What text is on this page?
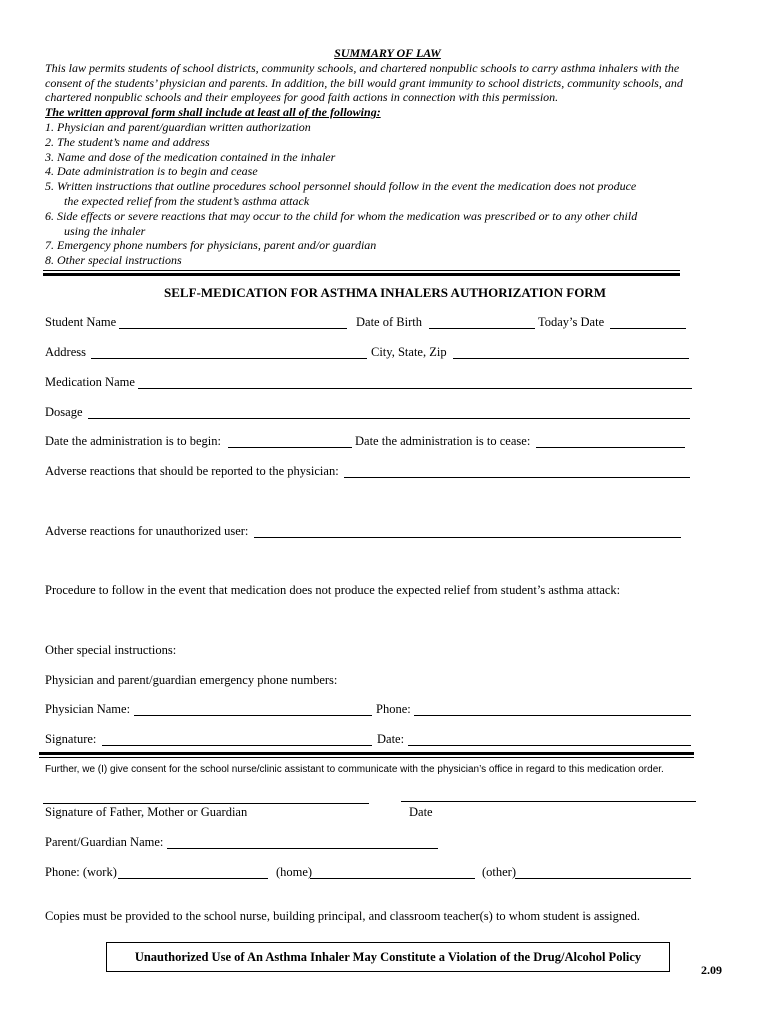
SUMMARY OF LAW
This law permits students of school districts, community schools, and chartered nonpublic schools to carry asthma inhalers with the
consent of the students’ physician and parents. In addition, the bill would grant immunity to school districts, community schools, and
chartered nonpublic schools and their employees for good faith actions in connection with this permission.
The written approval form shall include at least all of the following:
1. Physician and parent/guardian written authorization
2. The student’s name and address
3. Name and dose of the medication contained in the inhaler
4. Date administration is to begin and cease
5. Written instructions that outline procedures school personnel should follow in the event the medication does not produce
the expected relief from the student’s asthma attack
6. Side effects or severe reactions that may occur to the child for whom the medication was prescribed or to any other child
using the inhaler
7. Emergency phone numbers for physicians, parent and/or guardian
8. Other special instructions
SELF-MEDICATION FOR ASTHMA INHALERS AUTHORIZATION FORM
Student Name	Date of Birth	Today’s Date
Address	City, State, Zip
Medication Name
Dosage
Date the administration is to begin:	Date the administration is to cease:
Adverse reactions that should be reported to the physician:
Adverse reactions for unauthorized user:
Procedure to follow in the event that medication does not produce the expected relief from student’s asthma attack:
Other special instructions:
Physician and parent/guardian emergency phone numbers:
Physician Name:	Phone:
Signature:	Date:
Further, we (I) give consent for the school nurse/clinic assistant to communicate with the physician’s office in regard to this medication order.
Signature of Father, Mother or Guardian	Date
Parent/Guardian Name:
Phone: (work)	(home)	(other)
Copies must be provided to the school nurse, building principal, and classroom teacher(s) to whom student is assigned.
Unauthorized Use of An Asthma Inhaler May Constitute a Violation of the Drug/Alcohol Policy
2.09
